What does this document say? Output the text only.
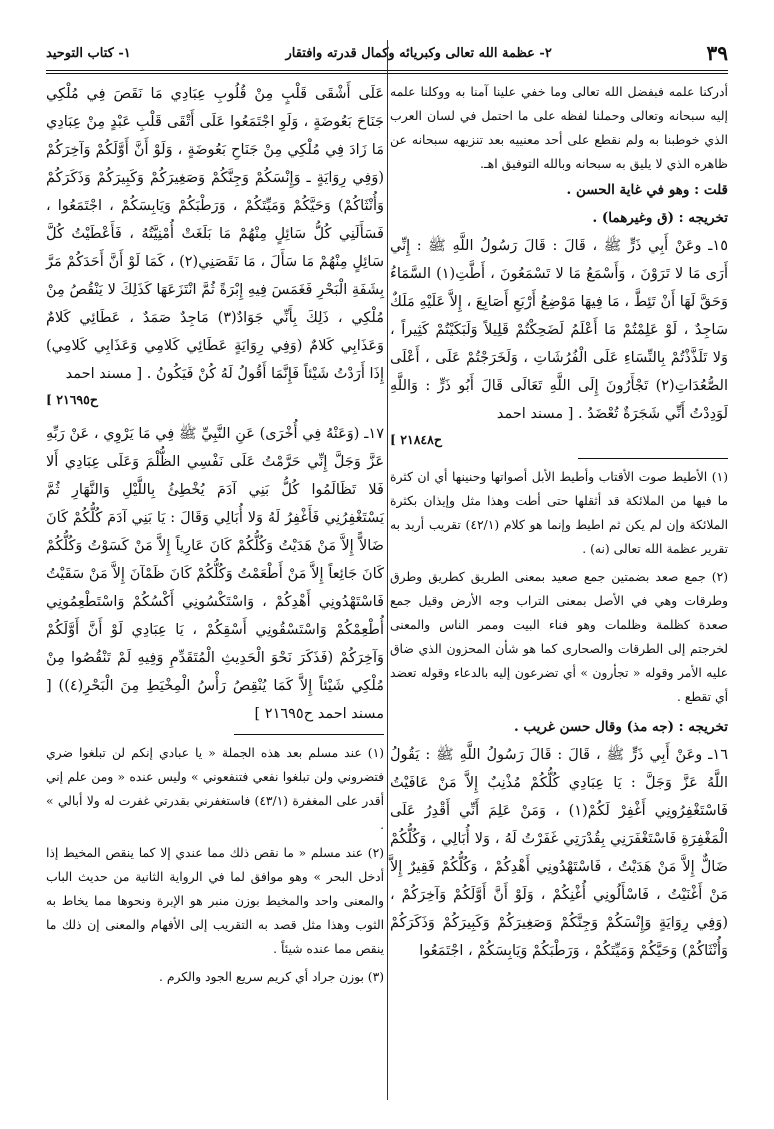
٣٩
٢- عظمة الله تعالى وكبريائه وكمال قدرته وافتقار
١- كتاب التوحيد

أدركنا علمه فبفضل الله تعالى وما خفي علينا آمنا به ووكلنا علمه إليه سبحانه وتعالى وحملنا لفظه على ما احتمل في لسان العرب الذي خوطبنا به ولم نقطع على أحد معنييه بعد تنزيهه سبحانه عن ظاهره الذي لا يليق به سبحانه وبالله التوفيق اهـ.

قلت : وهو في غاية الحسن .

تخريجه : (ق وغيرهما) .

١٥ـ وعَنْ أَبِي ذَرٍّ ﷺ ، قَالَ : قَالَ رَسُولُ اللَّهِ ﷺ : إِنِّي أَرَى مَا لا تَرَوْنَ ، وَأَسْمَعُ مَا لا تَسْمَعُونَ ، أَطَّتِ(١) السَّمَاءُ وَحَقَّ لَهَا أَنْ تَئِطَّ ، مَا فِيهَا مَوْضِعُ أَرْبَعِ أَصَابِعَ ، إِلاَّ عَلَيْهِ مَلَكٌ سَاجِدٌ ، لَوْ عَلِمْتُمْ مَا أَعْلَمُ لَضَحِكْتُمْ قَلِيلاً وَلَبَكَيْتُمْ كَثِيراً ، وَلا تَلَذَّذْتُمْ بِالنِّسَاءِ عَلَى الْفُرُشَاتِ ، وَلَخَرَجْتُمْ عَلَى ، أَعْلَى الصُّعُدَاتِ(٢) تَجْأَرُونَ إِلَى اللَّهِ تَعَالَى قَالَ أَبُو ذَرٍّ : وَاللَّهِ لَوَدِدْتُ أَنِّي شَجَرَةٌ تُعْضَدُ . [ مسند احمد

ح٢١٨٤٨ ]

(١) الأطيط صوت الأقتاب وأطيط الأبل أصواتها وحنينها أي ان كثرة ما فيها من الملائكة قد أثقلها حتى أطت وهذا مثل وإيذان بكثرة الملائكة وإن لم يكن ثم اطيط وإنما هو كلام (٤٢/١) تقريب أريد به تقرير عظمة الله تعالى (نه) .

(٢) جمع صعد بضمتين جمع صعيد بمعنى الطريق كطريق وطرق وطرقات وهي في الأصل بمعنى التراب وجه الأرض وقيل جمع صعدة كظلمة وظلمات وهو فناء البيت وممر الناس والمعنى لخرجتم إلى الطرقات والصحارى كما هو شأن المحزون الذي ضاق عليه الأمر وقوله « تجأرون » أي تضرعون إليه بالدعاء وقوله تعضد أي تقطع .

تخريجه : (جه مذ) وقال حسن غريب .

١٦ـ وعَنْ أَبِي ذَرٍّ ﷺ ، قَالَ : قَالَ رَسُولُ اللَّهِ ﷺ : يَقُولُ اللَّهُ عَزَّ وَجَلَّ : يَا عِبَادِي كُلُّكُمْ مُذْنِبٌ إِلاَّ مَنْ عَافَيْتُ فَاسْتَغْفِرُونِي أَغْفِرْ لَكُمْ(١) ، وَمَنْ عَلِمَ أَنِّي أَقْدِرُ عَلَى الْمَغْفِرَةِ فَاسْتَغْفَرَنِي بِقُدْرَتِي غَفَرْتُ لَهُ ، وَلا أُبَالِي ، وَكُلُّكُمْ ضَالٌّ إِلاَّ مَنْ هَدَيْتُ ، فَاسْتَهْدُونِي أَهْدِكُمْ ، وَكُلُّكُمْ فَقِيرٌ إِلاَّ مَنْ أَغْنَيْتُ ، فَاسْأَلُونِي أُغْنِكُمْ ، وَلَوْ أَنَّ أَوَّلَكُمْ وَآخِرَكُمْ ، (وَفِي رِوَايَةٍ وَإِنْسَكُمْ وَجِنَّكُمْ وَصَغِيرَكُمْ وَكَبِيرَكُمْ وَذَكَرَكُمْ وَأُنْثَاكُمْ) وَحَيَّكُمْ وَمَيِّتَكُمْ ، وَرَطْبَكُمْ وَيَابِسَكُمْ ، اجْتَمَعُوا

عَلَى أَشْقَى قَلْبٍ مِنْ قُلُوبِ عِبَادِي مَا نَقَصَ فِي مُلْكِي جَنَاحَ بَعُوضَةٍ ، وَلَوِ اجْتَمَعُوا عَلَى أَتْقَى قَلْبِ عَبْدٍ مِنْ عِبَادِي مَا زَادَ فِي مُلْكِي مِنْ جَنَاحِ بَعُوضَةٍ ، وَلَوْ أَنَّ أَوَّلَكُمْ وَآخِرَكُمْ (وَفِي رِوَايَةٍ ـ وَإِنْسَكُمْ وَجِنَّكُمْ وَصَغِيرَكُمْ وَكَبِيرَكُمْ وَذَكَرَكُمْ وَأُنْثَاكُمْ) وَحَيَّكُمْ وَمَيِّتَكُمْ ، وَرَطْبَكُمْ وَيَابِسَكُمْ ، اجْتَمَعُوا ، فَسَأَلَنِي كُلُّ سَائِلٍ مِنْهُمْ مَا بَلَغَتْ أُمْنِيَّتُهُ ، فَأَعْطَيْتُ كُلَّ سَائِلٍ مِنْهُمْ مَا سَأَلَ ، مَا نَقَصَنِي(٢) ، كَمَا لَوْ أَنَّ أَحَدَكُمْ مَرَّ بِشَفَةِ الْبَحْرِ فَغَمَسَ فِيهِ إِبْرَةً ثُمَّ انْتَزَعَهَا كَذَلِكَ لا يَنْقُصُ مِنْ مُلْكِي ، ذَلِكَ بِأَنِّي جَوَادٌ(٣) مَاجِدٌ صَمَدٌ ، عَطَائِي كَلامٌ وَعَذَابِي كَلامٌ (وَفِي رِوَايَةٍ عَطَائِي كَلامِي وَعَذَابِي كَلامِي) إِذَا أَرَدْتُ شَيْئاً فَإِنَّمَا أَقُولُ لَهُ كُنْ فَيَكُونُ . [ مسند احمد

ح٢١٦٩٥ ]

١٧ـ (وَعَنْهُ فِي أُخْرَى) عَنِ النَّبِيِّ ﷺ فِي مَا يَرْوِي ، عَنْ رَبِّهِ عَزَّ وَجَلَّ إِنِّي حَرَّمْتُ عَلَى نَفْسِي الظُّلْمَ وَعَلَى عِبَادِي أَلا فَلا تَظَالَمُوا كُلُّ بَنِي آدَمَ يُخْطِئُ بِاللَّيْلِ وَالنَّهَارِ ثُمَّ يَسْتَغْفِرُنِي فَأَغْفِرُ لَهُ وَلا أُبَالِي وَقَالَ : يَا بَنِي آدَمَ كُلُّكُمْ كَانَ ضَالاًّ إِلاَّ مَنْ هَدَيْتُ وَكُلُّكُمْ كَانَ عَارِياً إِلاَّ مَنْ كَسَوْتُ وَكُلُّكُمْ كَانَ جَائِعاً إِلاَّ مَنْ أَطْعَمْتُ وَكُلُّكُمْ كَانَ ظَمْآنَ إِلاَّ مَنْ سَقَيْتُ فَاسْتَهْدُونِي أَهْدِكُمْ ، وَاسْتَكْسُونِي أَكْسُكُمْ وَاسْتَطْعِمُونِي أُطْعِمْكُمْ وَاسْتَسْقُونِي أَسْقِكُمْ ، يَا عِبَادِي لَوْ أَنَّ أَوَّلَكُمْ وَآخِرَكُمْ (فَذَكَرَ نَحْوَ الْحَدِيثِ الْمُتَقَدِّمِ وَفِيهِ لَمْ تَنْقُصُوا مِنْ مُلْكِي شَيْئاً إِلاَّ كَمَا يُنْقِصُ رَأْسُ الْمِخْيَطِ مِنَ الْبَحْرِ(٤)) [ مسند احمد ح٢١٦٩٥ ]

(١) عند مسلم بعد هذه الجملة « يا عبادي إنكم لن تبلغوا ضري فتضروني ولن تبلغوا نفعي فتنفعوني » وليس عنده « ومن علم إني أقدر على المغفرة (٤٣/١) فاستغفرني بقدرتي غفرت له ولا أبالي » .

(٢) عند مسلم « ما نقص ذلك مما عندي إلا كما ينقص المخيط إذا أدخل البحر » وهو موافق لما في الرواية الثانية من حديث الباب والمعنى واحد والمخيط بوزن منبر هو الإبرة ونحوها مما يخاط به الثوب وهذا مثل قصد به التقريب إلى الأفهام والمعنى إن ذلك ما ينقص مما عنده شيئاً .

(٣) بوزن جراد أي كريم سريع الجود والكرم .
